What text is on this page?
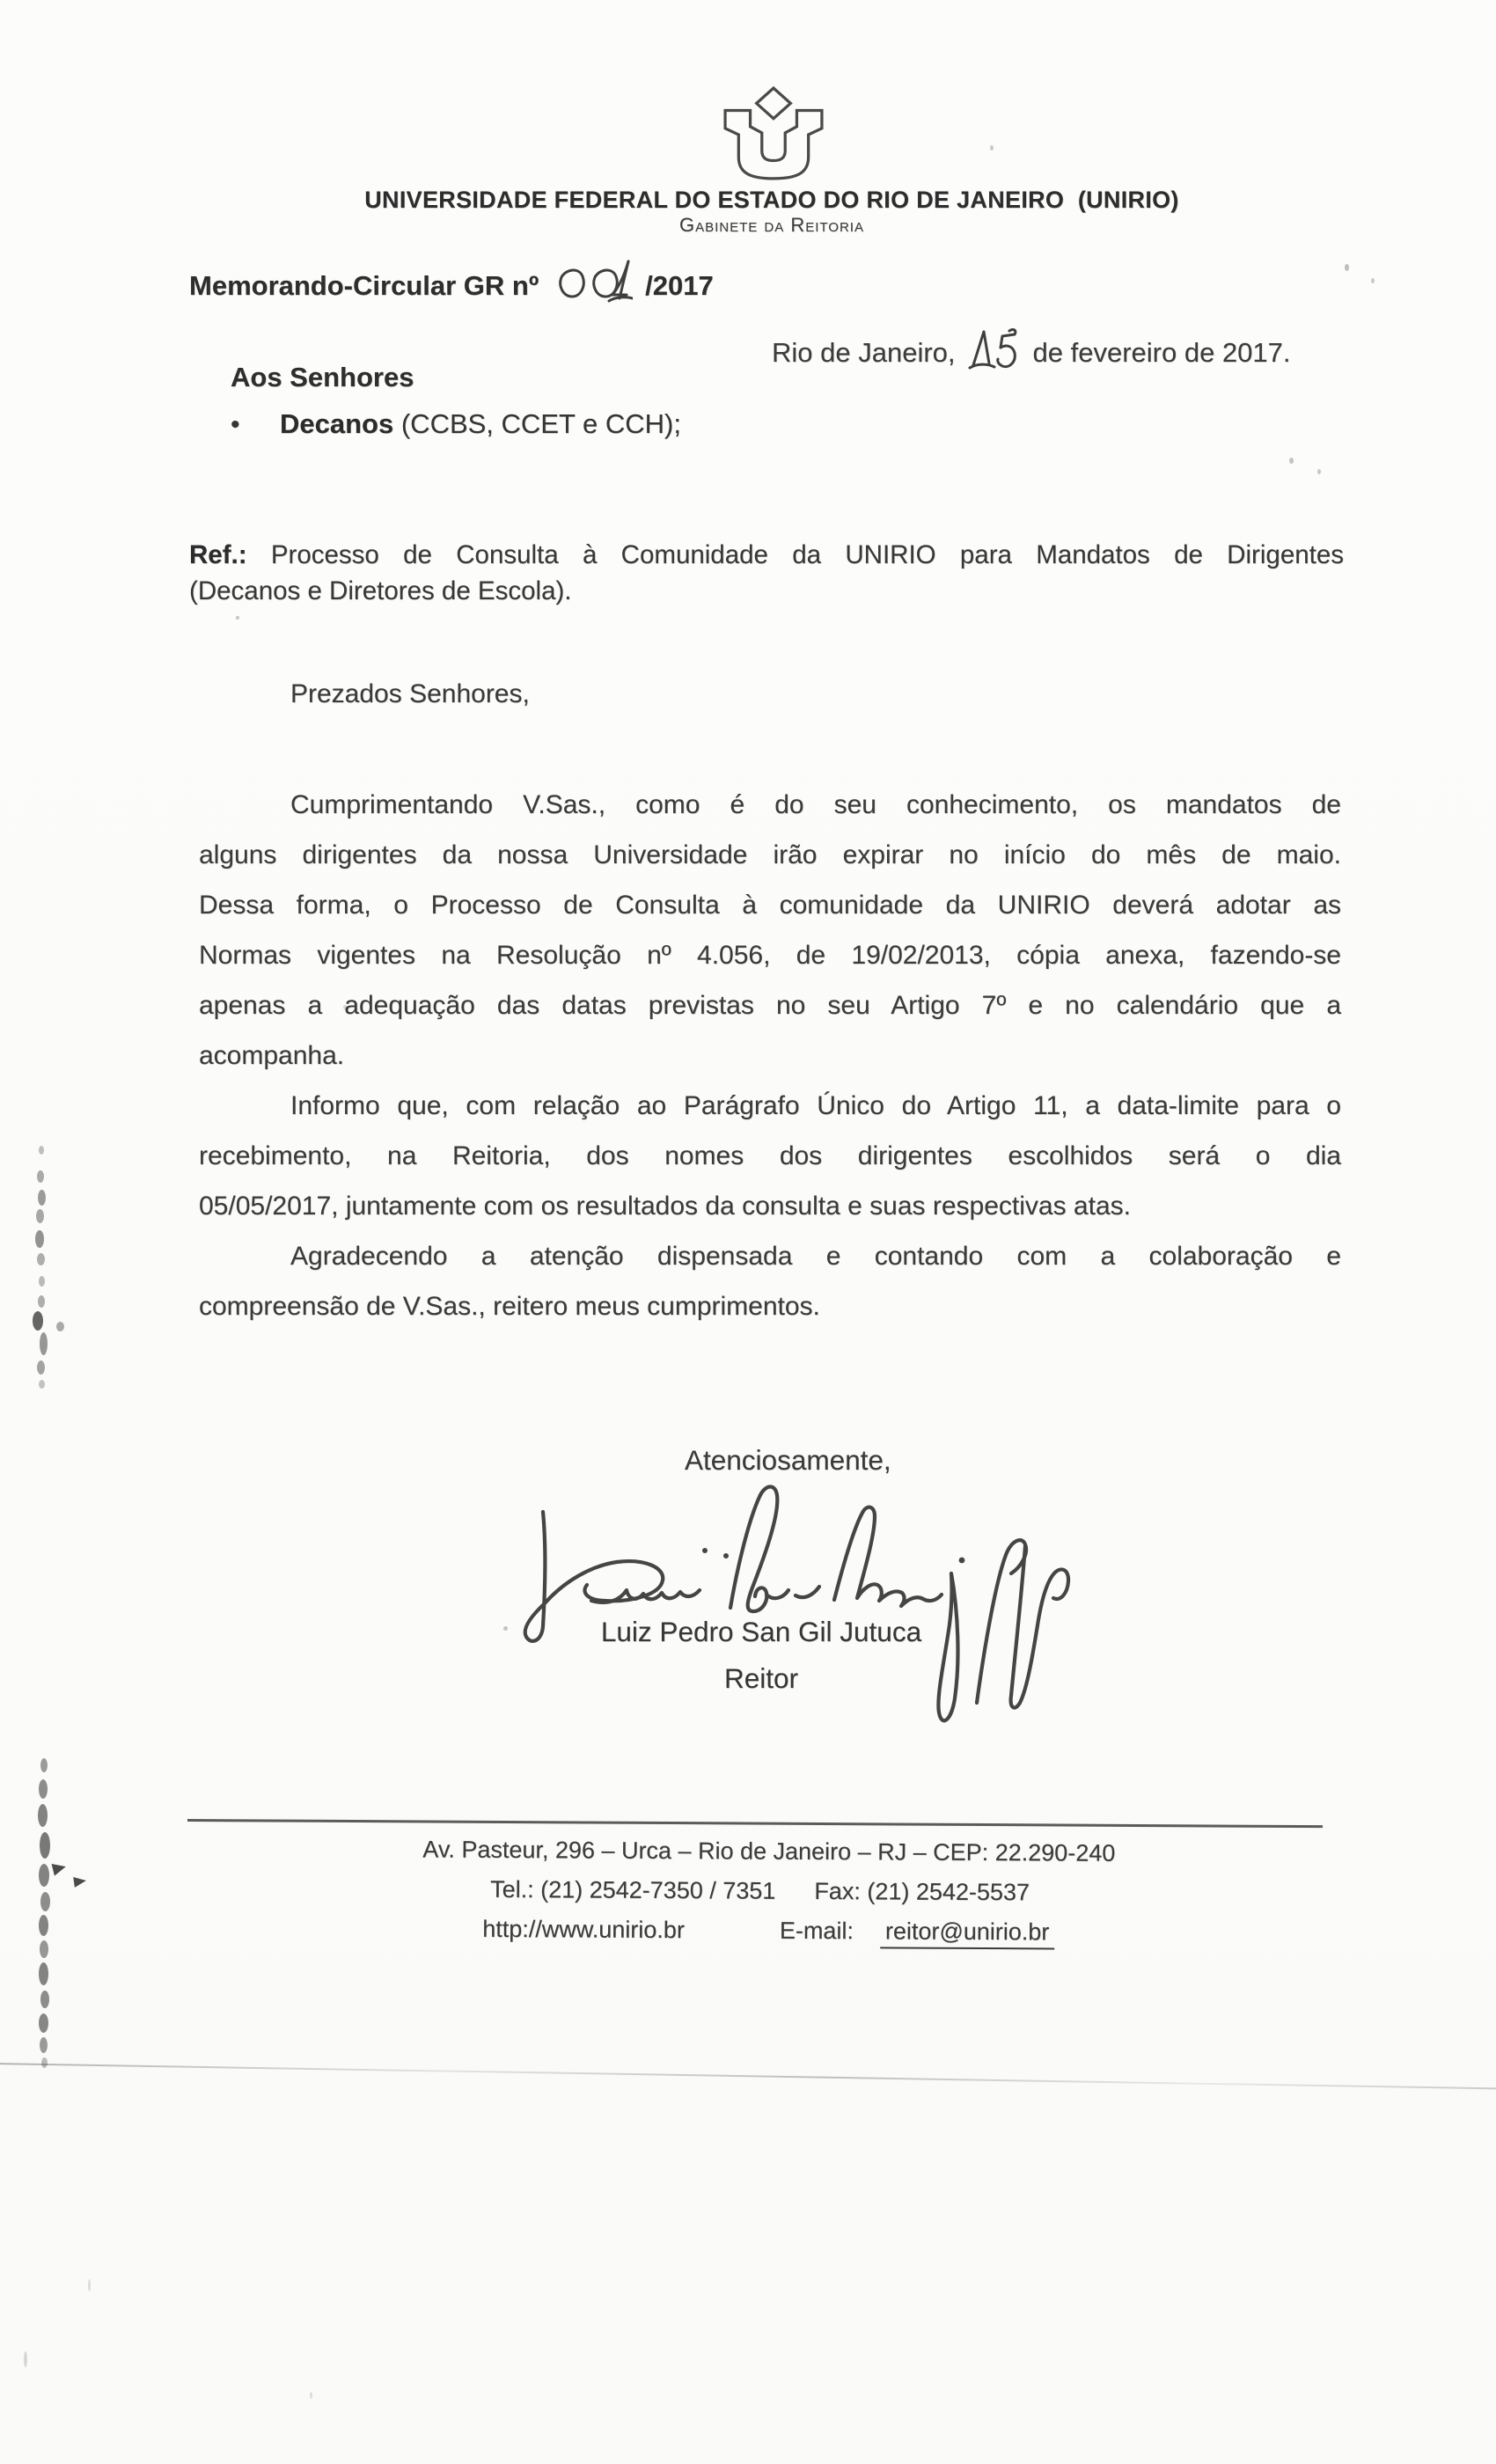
UNIVERSIDADE FEDERAL DO ESTADO DO RIO DE JANEIRO  (UNIRIO)
Gabinete da Reitoria
Memorando-Circular GR nº	/2017
Rio de Janeiro,	de fevereiro de 2017.
Aos Senhores
• Decanos (CCBS, CCET e CCH);
Ref.: Processo de Consulta à Comunidade da UNIRIO para Mandatos de Dirigentes
(Decanos e Diretores de Escola).
Prezados Senhores,
Cumprimentando V.Sas., como é do seu conhecimento, os mandatos de
alguns dirigentes da nossa Universidade irão expirar no início do mês de maio.
Dessa forma, o Processo de Consulta à comunidade da UNIRIO deverá adotar as
Normas vigentes na Resolução nº 4.056, de 19/02/2013, cópia anexa, fazendo-se
apenas a adequação das datas previstas no seu Artigo 7º e no calendário que a
acompanha.
Informo que, com relação ao Parágrafo Único do Artigo 11, a data-limite para o
recebimento, na Reitoria, dos nomes dos dirigentes escolhidos será o dia
05/05/2017, juntamente com os resultados da consulta e suas respectivas atas.
Agradecendo a atenção dispensada e contando com a colaboração e
compreensão de V.Sas., reitero meus cumprimentos.
Atenciosamente,
Luiz Pedro San Gil Jutuca
Reitor
Av. Pasteur, 296 – Urca – Rio de Janeiro – RJ – CEP: 22.290-240
Tel.: (21) 2542-7350 / 7351 Fax: (21) 2542-5537
http://www.unirio.br	E-mail: reitor@unirio.br
